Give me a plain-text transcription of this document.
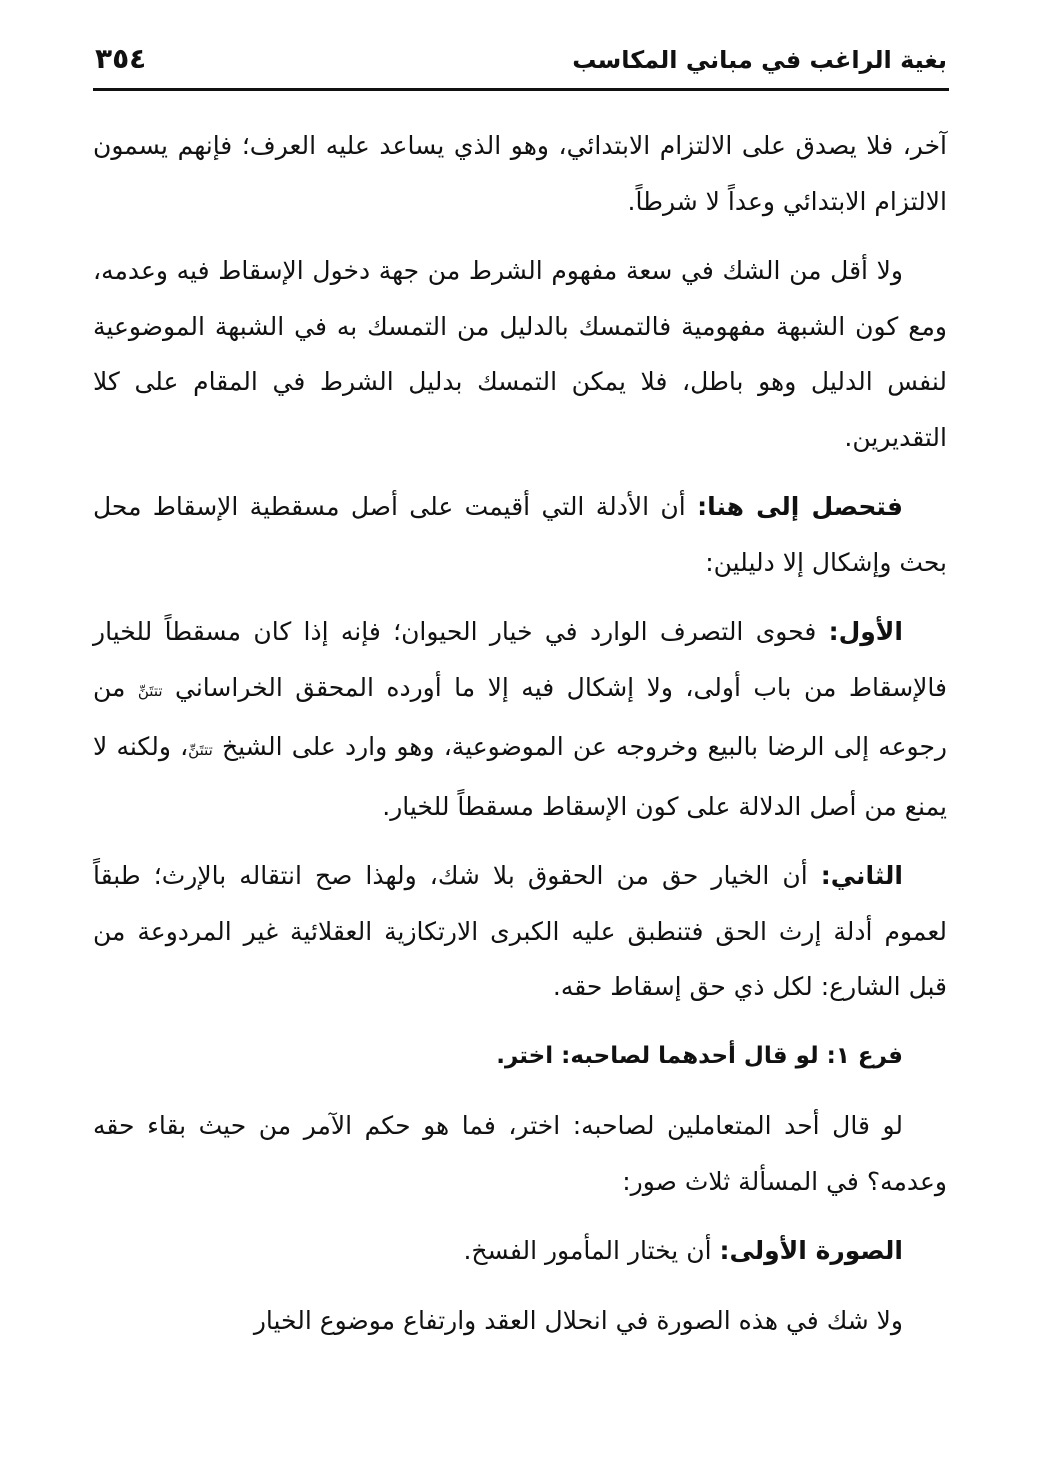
بغية الراغب في مباني المكاسب
٣٥٤

آخر، فلا يصدق على الالتزام الابتدائي، وهو الذي يساعد عليه العرف؛ فإنهم يسمون الالتزام الابتدائي وعداً لا شرطاً.

ولا أقل من الشك في سعة مفهوم الشرط من جهة دخول الإسقاط فيه وعدمه، ومع كون الشبهة مفهومية فالتمسك بالدليل من التمسك به في الشبهة الموضوعية لنفس الدليل وهو باطل، فلا يمكن التمسك بدليل الشرط في المقام على كلا التقديرين.

فتحصل إلى هنا: أن الأدلة التي أقيمت على أصل مسقطية الإسقاط محل بحث وإشكال إلا دليلين:

الأول: فحوى التصرف الوارد في خيار الحيوان؛ فإنه إذا كان مسقطاً للخيار فالإسقاط من باب أولى، ولا إشكال فيه إلا ما أورده المحقق الخراساني تتتَنِّ من رجوعه إلى الرضا بالبيع وخروجه عن الموضوعية، وهو وارد على الشيخ تتتَنِّ، ولكنه لا يمنع من أصل الدلالة على كون الإسقاط مسقطاً للخيار.

الثاني: أن الخيار حق من الحقوق بلا شك، ولهذا صح انتقاله بالإرث؛ طبقاً لعموم أدلة إرث الحق فتنطبق عليه الكبرى الارتكازية العقلائية غير المردوعة من قبل الشارع: لكل ذي حق إسقاط حقه.

فرع ١: لو قال أحدهما لصاحبه: اختر.

لو قال أحد المتعاملين لصاحبه: اختر، فما هو حكم الآمر من حيث بقاء حقه وعدمه؟ في المسألة ثلاث صور:

الصورة الأولى: أن يختار المأمور الفسخ.

ولا شك في هذه الصورة في انحلال العقد وارتفاع موضوع الخيار
